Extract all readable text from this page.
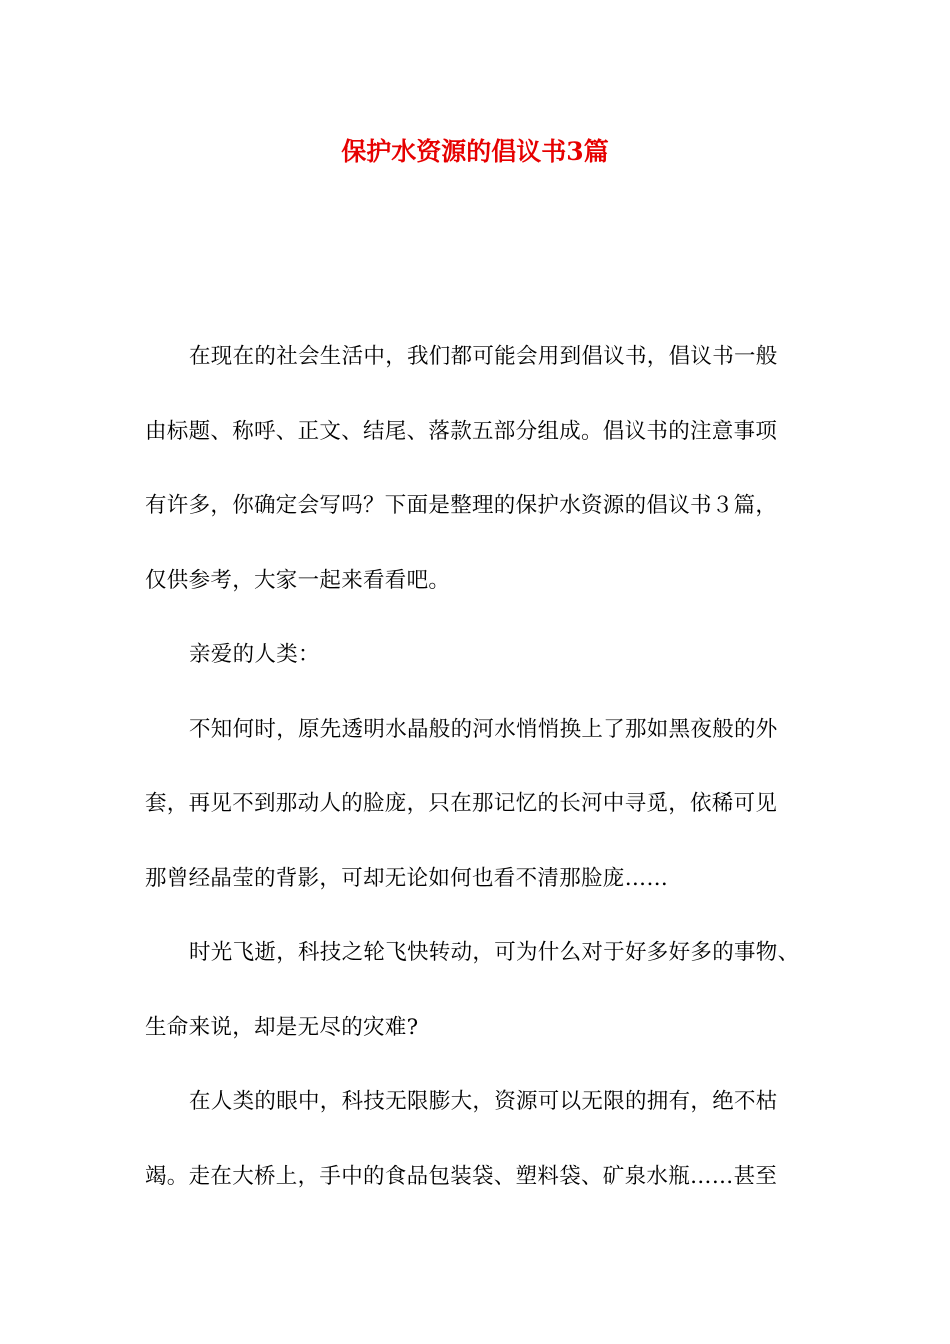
保护水资源的倡议书3篇
在现在的社会生活中，我们都可能会用到倡议书，倡议书一般
由标题、称呼、正文、结尾、落款五部分组成。倡议书的注意事项
有许多，你确定会写吗？下面是整理的保护水资源的倡议书３篇，
仅供参考，大家一起来看看吧。
亲爱的人类：
不知何时，原先透明水晶般的河水悄悄换上了那如黑夜般的外
套，再见不到那动人的脸庞，只在那记忆的长河中寻觅，依稀可见
那曾经晶莹的背影，可却无论如何也看不清那脸庞……
时光飞逝，科技之轮飞快转动，可为什么对于好多好多的事物、
生命来说，却是无尽的灾难?
在人类的眼中，科技无限膨大，资源可以无限的拥有，绝不枯
竭。走在大桥上，手中的食品包装袋、塑料袋、矿泉水瓶……甚至
